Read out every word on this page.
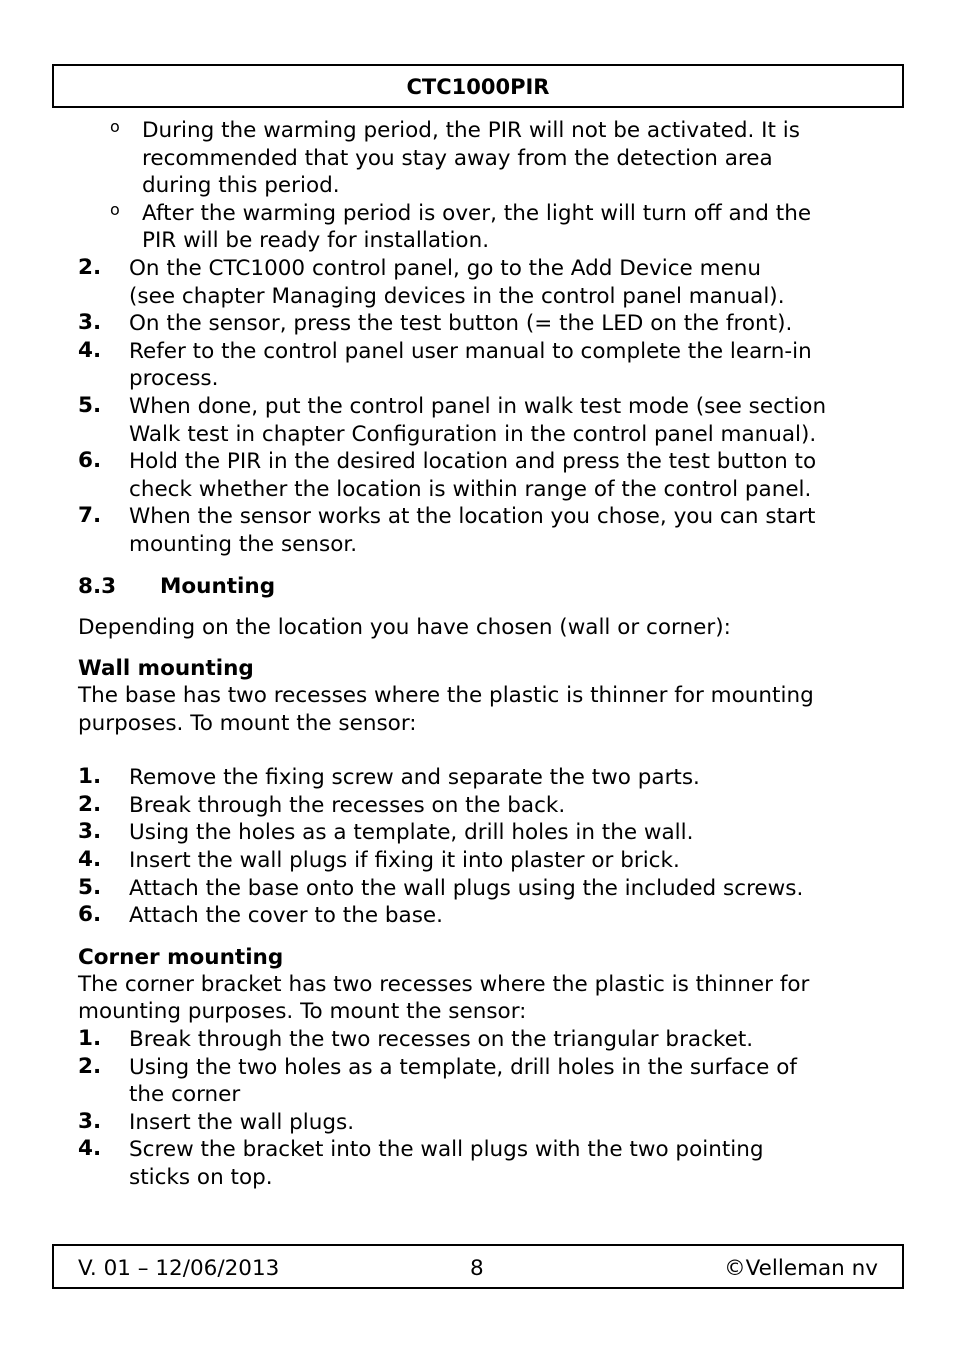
CTC1000PIR
o During the warming period, the PIR will not be activated. It is
recommended that you stay away from the detection area
during this period.
o After the warming period is over, the light will turn off and the
PIR will be ready for installation.
2. On the CTC1000 control panel, go to the Add Device menu
(see chapter Managing devices in the control panel manual).
3. On the sensor, press the test button (= the LED on the front).
4. Refer to the control panel user manual to complete the learn-in
process.
5. When done, put the control panel in walk test mode (see section
Walk test in chapter Configuration in the control panel manual).
6. Hold the PIR in the desired location and press the test button to
check whether the location is within range of the control panel.
7. When the sensor works at the location you chose, you can start
mounting the sensor.
8.3	Mounting
Depending on the location you have chosen (wall or corner):
Wall mounting
The base has two recesses where the plastic is thinner for mounting
purposes. To mount the sensor:
1. Remove the fixing screw and separate the two parts.
2. Break through the recesses on the back.
3. Using the holes as a template, drill holes in the wall.
4. Insert the wall plugs if fixing it into plaster or brick.
5. Attach the base onto the wall plugs using the included screws.
6. Attach the cover to the base.
Corner mounting
The corner bracket has two recesses where the plastic is thinner for
mounting purposes. To mount the sensor:
1. Break through the two recesses on the triangular bracket.
2. Using the two holes as a template, drill holes in the surface of
the corner
3. Insert the wall plugs.
4. Screw the bracket into the wall plugs with the two pointing
sticks on top.
V. 01 – 12/06/2013	8	©Velleman nv
